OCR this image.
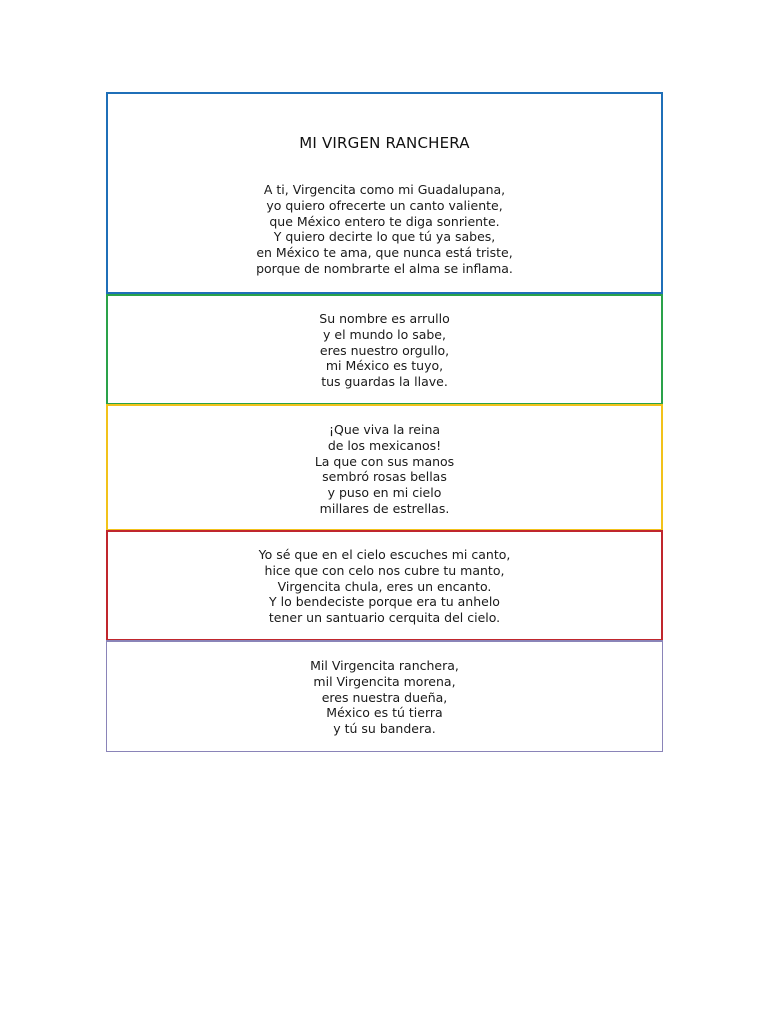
MI VIRGEN RANCHERA
A ti, Virgencita como mi Guadalupana,
yo quiero ofrecerte un canto valiente,
que México entero te diga sonriente.
Y quiero decirte lo que tú ya sabes,
en México te ama, que nunca está triste,
porque de nombrarte el alma se inflama.
Su nombre es arrullo
y el mundo lo sabe,
eres nuestro orgullo,
mi México es tuyo,
tus guardas la llave.
¡Que viva la reina
de los mexicanos!
La que con sus manos
sembró rosas bellas
y puso en mi cielo
millares de estrellas.
Yo sé que en el cielo escuches mi canto,
hice que con celo nos cubre tu manto,
Virgencita chula, eres un encanto.
Y lo bendeciste porque era tu anhelo
tener un santuario cerquita del cielo.
Mil Virgencita ranchera,
mil Virgencita morena,
eres nuestra dueña,
México es tú tierra
y tú su bandera.
